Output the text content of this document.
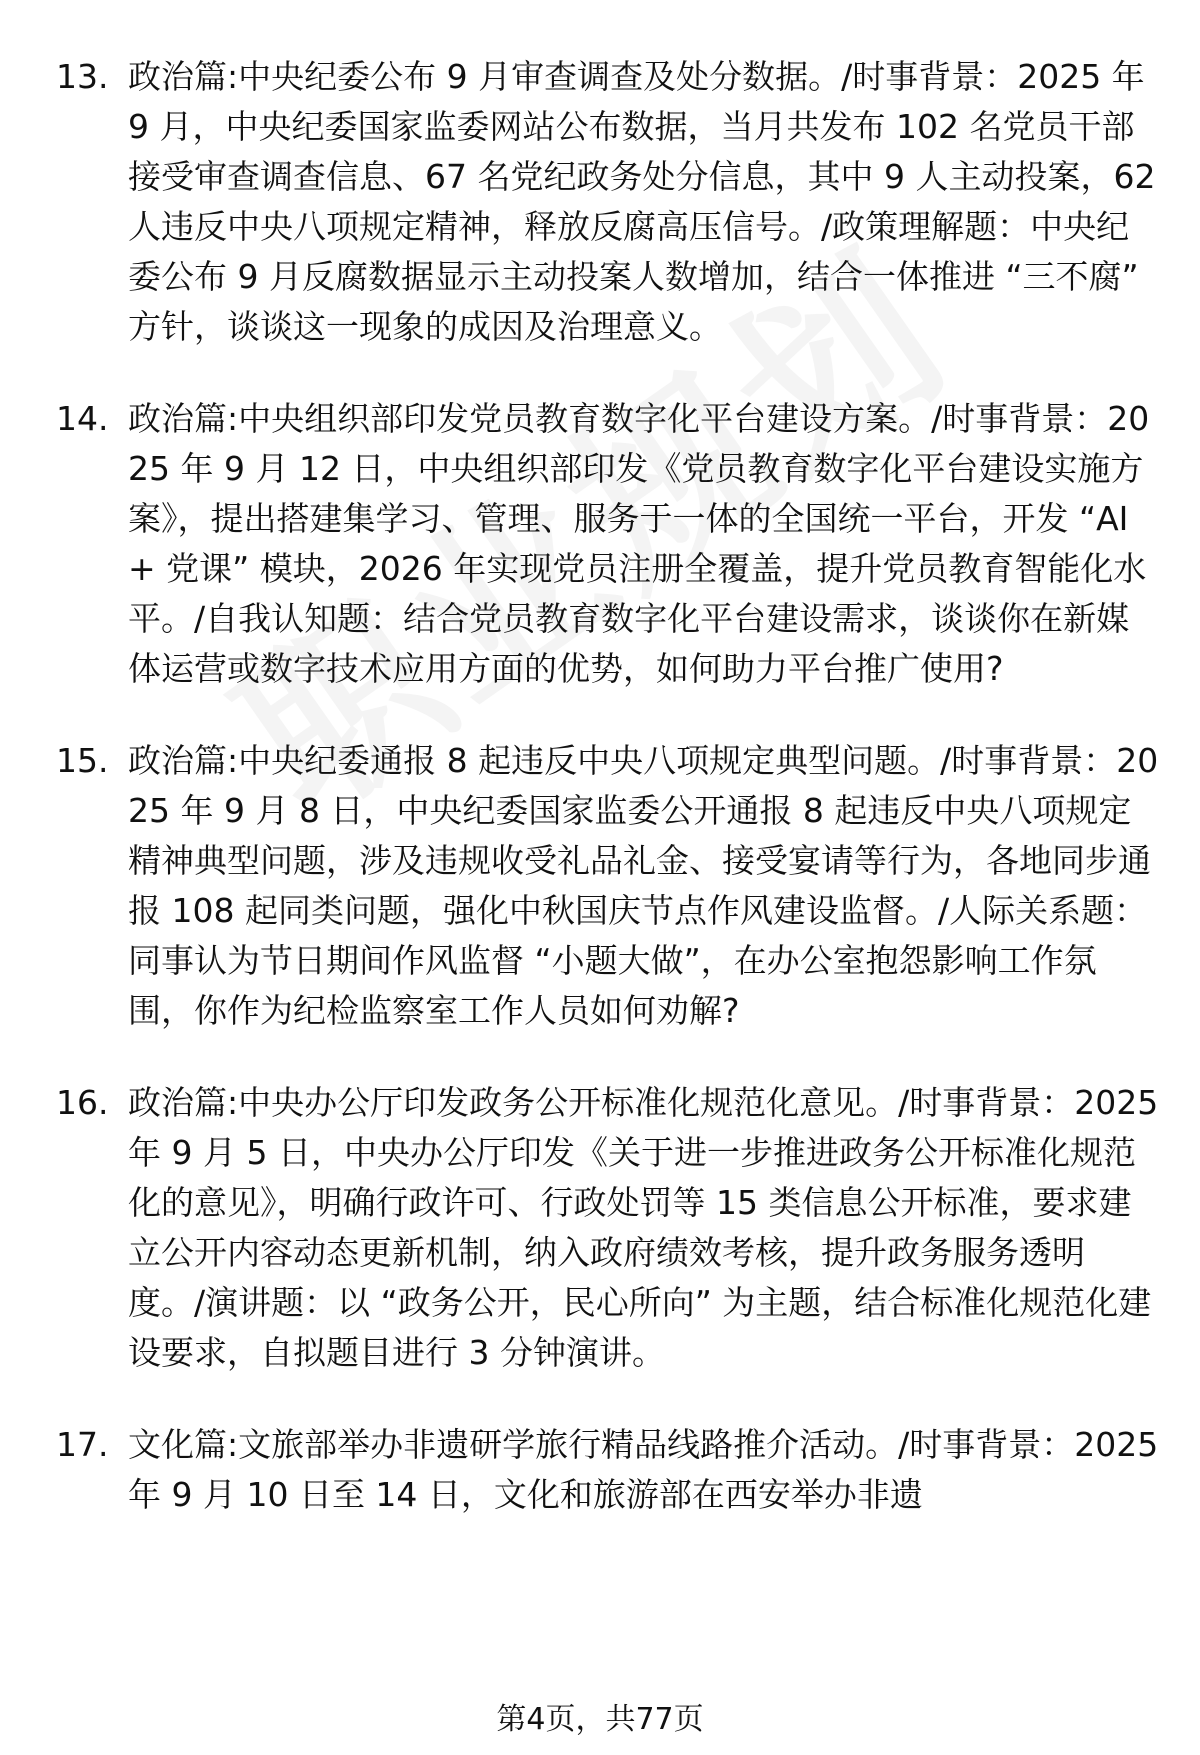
13. 政治篇:中央纪委公布 9 月审查调查及处分数据。/时事背景：2025 年 9 月，中央纪委国家监委网站公布数据，当月共发布 102 名党员干部接受审查调查信息、67 名党纪政务处分信息，其中 9 人主动投案，62 人违反中央八项规定精神，释放反腐高压信号。/政策理解题：中央纪委公布 9 月反腐数据显示主动投案人数增加，结合一体推进 “三不腐” 方针，谈谈这一现象的成因及治理意义。
14. 政治篇:中央组织部印发党员教育数字化平台建设方案。/时事背景：2025 年 9 月 12 日，中央组织部印发《党员教育数字化平台建设实施方案》，提出搭建集学习、管理、服务于一体的全国统一平台，开发 “AI + 党课” 模块，2026 年实现党员注册全覆盖，提升党员教育智能化水平。/自我认知题：结合党员教育数字化平台建设需求，谈谈你在新媒体运营或数字技术应用方面的优势，如何助力平台推广使用?
15. 政治篇:中央纪委通报 8 起违反中央八项规定典型问题。/时事背景：2025 年 9 月 8 日，中央纪委国家监委公开通报 8 起违反中央八项规定精神典型问题，涉及违规收受礼品礼金、接受宴请等行为，各地同步通报 108 起同类问题，强化中秋国庆节点作风建设监督。/人际关系题：同事认为节日期间作风监督 “小题大做”，在办公室抱怨影响工作氛围，你作为纪检监察室工作人员如何劝解?
16. 政治篇:中央办公厅印发政务公开标准化规范化意见。/时事背景：2025 年 9 月 5 日，中央办公厅印发《关于进一步推进政务公开标准化规范化的意见》，明确行政许可、行政处罚等 15 类信息公开标准，要求建立公开内容动态更新机制，纳入政府绩效考核，提升政务服务透明度。/演讲题：以 “政务公开，民心所向” 为主题，结合标准化规范化建设要求，自拟题目进行 3 分钟演讲。
17. 文化篇:文旅部举办非遗研学旅行精品线路推介活动。/时事背景：2025 年 9 月 10 日至 14 日，文化和旅游部在西安举办非遗
第4页，共77页
